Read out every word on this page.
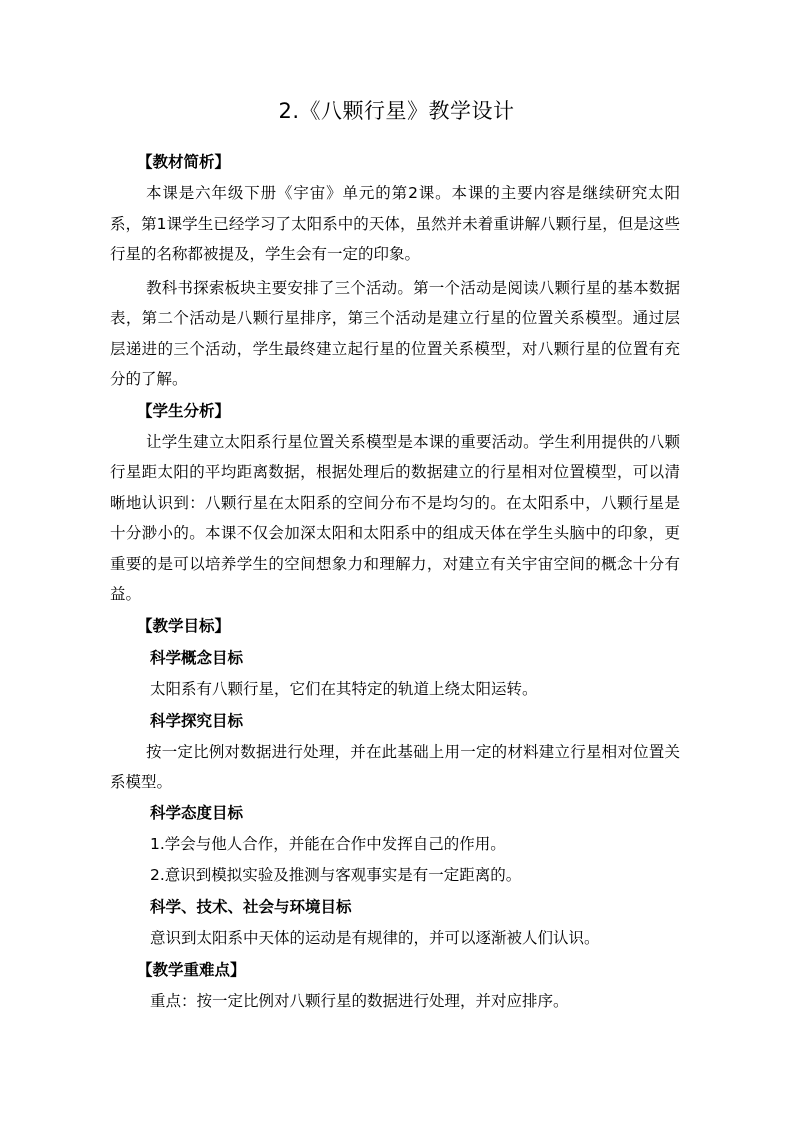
2.《八颗行星》教学设计
【教材简析】

本课是六年级下册《宇宙》单元的第2课。本课的主要内容是继续研究太阳系，第1课学生已经学习了太阳系中的天体，虽然并未着重讲解八颗行星，但是这些行星的名称都被提及，学生会有一定的印象。

教科书探索板块主要安排了三个活动。第一个活动是阅读八颗行星的基本数据表，第二个活动是八颗行星排序，第三个活动是建立行星的位置关系模型。通过层层递进的三个活动，学生最终建立起行星的位置关系模型，对八颗行星的位置有充分的了解。

【学生分析】

让学生建立太阳系行星位置关系模型是本课的重要活动。学生利用提供的八颗行星距太阳的平均距离数据，根据处理后的数据建立的行星相对位置模型，可以清晰地认识到：八颗行星在太阳系的空间分布不是均匀的。在太阳系中，八颗行星是十分渺小的。本课不仅会加深太阳和太阳系中的组成天体在学生头脑中的印象，更重要的是可以培养学生的空间想象力和理解力，对建立有关宇宙空间的概念十分有益。

【教学目标】
科学概念目标
太阳系有八颗行星，它们在其特定的轨道上绕太阳运转。
科学探究目标

按一定比例对数据进行处理，并在此基础上用一定的材料建立行星相对位置关系模型。

科学态度目标
1.学会与他人合作，并能在合作中发挥自己的作用。
2.意识到模拟实验及推测与客观事实是有一定距离的。
科学、技术、社会与环境目标
意识到太阳系中天体的运动是有规律的，并可以逐渐被人们认识。
【教学重难点】
重点：按一定比例对八颗行星的数据进行处理，并对应排序。
